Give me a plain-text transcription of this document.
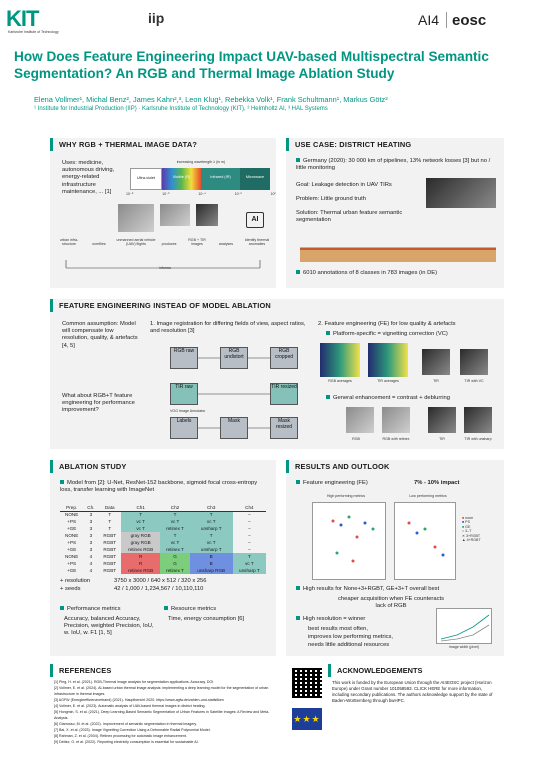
KIT
Karlsruhe Institute of Technology
iip	AI4 eosc
How Does Feature Engineering Impact UAV-based Multispectral Semantic Segmentation? An RGB and Thermal Image Ablation Study
Elena Vollmer¹, Michal Benz², James Kahn²,³, Leon Klug¹, Rebekka Volk¹, Frank Schultmann¹, Markus Götz²
¹ Institute for Industrial Production (IIP) · Karlsruhe Institute of Technology (KIT), ² Helmholtz AI, ³ HAL Systems
WHY RGB + THERMAL IMAGE DATA?
Uses: medicine, autonomous driving, energy-related infrastructure maintenance, ... [1]
increasing wavelength λ (in m)
Ultra-violet	Visible (R)	Infrared (IR)	Microwave
10⁻⁸	10⁻⁶	10⁻⁴	10⁻²	10⁰
AI
urban infra-structure	overflies
unmanned aerial vehicle (UAV) flights	produces
RGB + TIR images	analyses
identify thermal anomalies
informs
USE CASE: DISTRICT HEATING
Germany (2020): 30 000 km of pipelines, 13% network losses [3] but no / little monitoring
Goal: Leakage detection in UAV TIRs
Problem: Little ground truth
Solution: Thermal urban feature semantic segmentation
6010 annotations of 8 classes in 783 images (in DE)
FEATURE ENGINEERING INSTEAD OF MODEL ABLATION
Common assumption: Model will compensate low resolution, quality, & artefacts [4, 5]
What about RGB+T feature engineering for performance improvement?
1. Image registration for differing fields of view, aspect ratios, and resolution [3]
RGB raw	RGB undistort
RGB cropped
TIR raw	TIR resized
VGG Image Annotator
Labels	Mask	Mask resized
2. Feature engineering (FE) for low quality & artefacts
Platform-specific = vignetting correction (VC)
RGB averages	TIR averages	TIR	TIR with VC
General enhancement = contrast + deblurring
RGB	RGB with retinex	TIR	TIR with unsharp
ABLATION STUDY
Model from [2]: U-Net, ResNet-152 backbone, sigmoid focal cross-entropy loss, transfer learning with ImageNet
Prep.	Ch.	Data	Ch1	Ch2	Ch3	Ch4
NONE	3	T	T	T	T	–
+PS	3	T	vc T	vc T	vc T	–
+GE	3	T	vc T	retinex T	unsharp T	–
NONE	3	RGBT	gray RGB	T	T	–
+PS	3	RGBT	gray RGB	vc T	vc T	–
+GE	3	RGBT	retinex RGB	retinex T	unsharp T	–
NONE	4	RGBT	R	G	B	T
+PS	4	RGBT	R	G	B	vc T
+GE	4	RGBT	retinex RGB	retinex T	unsharp RGB	unsharp T
+ resolution	3750 x 3000 / 640 x 512 / 320 x 256
+ seeds	42 / 1,000 / 1,234,567 / 10,110,110
Performance metrics
Accuracy, balanced Accuracy, Precision, weighted Precision, IoU, w. IoU, w. F1 [1, 5]
Resource metrics
Time, energy consumption [6]
RESULTS AND OUTLOOK
Feature engineering (FE)	7% - 10% impact
High performing metrics	Low performing metrics
■ none
■ PS
■ GE
○ 3–T
✕ 3+RGBT
▲ 4+RGBT
High results for None+3+RGBT, GE+3+T overall best
cheaper acquisition when FE counteracts lack of RGB
High resolution = winner
best results most often,
improves low performing metrics,
needs little additional resources	image width (pixel)
REFERENCES
[1] Ping, H. et al. (2021). RGB-Thermal image analysis for segmentation applications. Accuracy. DOI
[2] Vollmer, E. et al. (2024). AI-based urban thermal image analysis: implementing a deep learning model for the segmentation of urban infrastructure in thermal images.
[3] AGFW (Energieeffizienzverband) (2021). Hauptbericht 2020. https://www.agfw.de/zahlen-und-statistiken
[4] Vollmer, E. et al. (2023). Automatic analysis of UAV-based thermal images in district heating.
[5] Hongmin, S. et al. (2021). Deep Learning-Based Semantic Segmentation of Urban Features in Satellite Images: A Review and Meta-Analysis.
[6] Giarrusso, M. et al. (2022). Improvement of semantic segmentation in thermal imagery.
[7] Bai, X. et al. (2023). Image Vignetting Correction Using a Deformable Radial Polynomial Model.
[8] Rahman, Z. et al. (2004). Retinex processing for automatic image enhancement.
[9] Deblur, G. et al. (2022). Reporting electricity consumption is essential for sustainable AI.
ACKNOWLEDGEMENTS
This work is funded by the European Union through the AI4EOSC project (Horizon Europe) under Grant number 101058593. CLICK HERE for more information, including secondary publications. The authors acknowledge support by the state of Baden-Württemberg through bwHPC.
★★★
